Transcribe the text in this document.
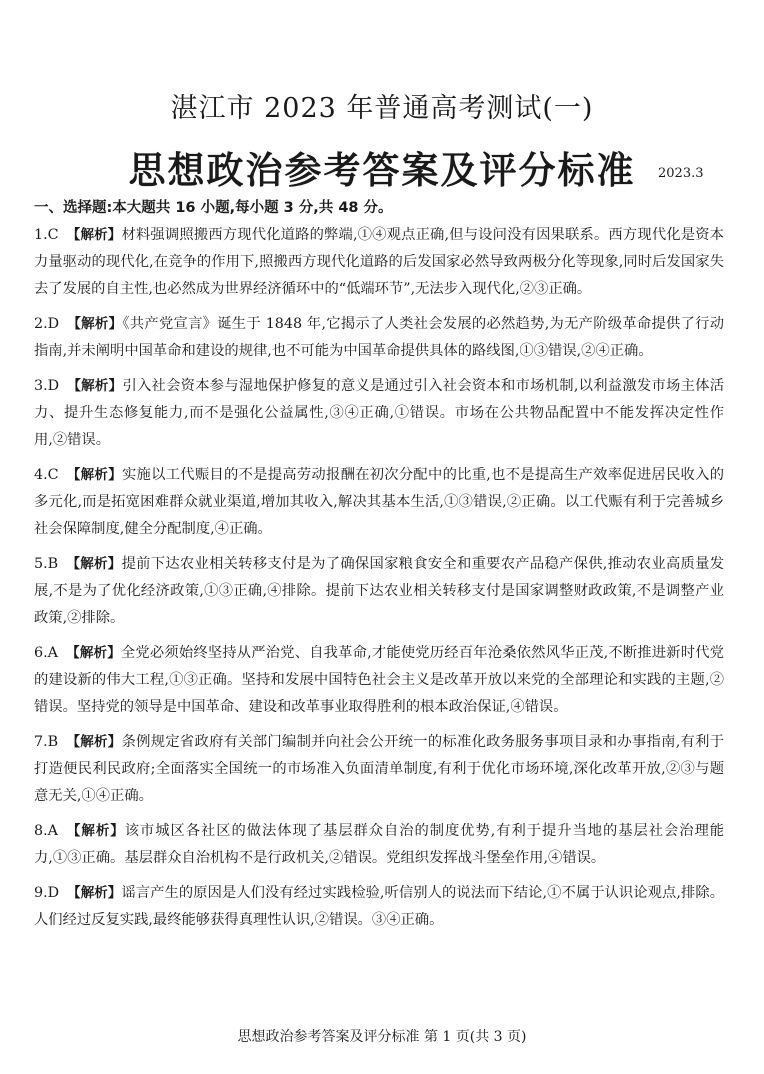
湛江市 2023 年普通高考测试(一)
思想政治参考答案及评分标准	2023.3
一、选择题:本大题共 16 小题,每小题 3 分,共 48 分。
1.C 【解析】材料强调照搬西方现代化道路的弊端,①④观点正确,但与设问没有因果联系。西方现代化是资本力量驱动的现代化,在竞争的作用下,照搬西方现代化道路的后发国家必然导致两极分化等现象,同时后发国家失去了发展的自主性,也必然成为世界经济循环中的“低端环节”,无法步入现代化,②③正确。
2.D 【解析】《共产党宣言》诞生于 1848 年,它揭示了人类社会发展的必然趋势,为无产阶级革命提供了行动指南,并未阐明中国革命和建设的规律,也不可能为中国革命提供具体的路线图,①③错误,②④正确。
3.D 【解析】引入社会资本参与湿地保护修复的意义是通过引入社会资本和市场机制,以利益激发市场主体活力、提升生态修复能力,而不是强化公益属性,③④正确,①错误。市场在公共物品配置中不能发挥决定性作用,②错误。
4.C 【解析】实施以工代赈目的不是提高劳动报酬在初次分配中的比重,也不是提高生产效率促进居民收入的多元化,而是拓宽困难群众就业渠道,增加其收入,解决其基本生活,①③错误,②正确。以工代赈有利于完善城乡社会保障制度,健全分配制度,④正确。
5.B 【解析】提前下达农业相关转移支付是为了确保国家粮食安全和重要农产品稳产保供,推动农业高质量发展,不是为了优化经济政策,①③正确,④排除。提前下达农业相关转移支付是国家调整财政政策,不是调整产业政策,②排除。
6.A 【解析】全党必须始终坚持从严治党、自我革命,才能使党历经百年沧桑依然风华正茂,不断推进新时代党的建设新的伟大工程,①③正确。坚持和发展中国特色社会主义是改革开放以来党的全部理论和实践的主题,②错误。坚持党的领导是中国革命、建设和改革事业取得胜利的根本政治保证,④错误。
7.B 【解析】条例规定省政府有关部门编制并向社会公开统一的标准化政务服务事项目录和办事指南,有利于打造便民利民政府;全面落实全国统一的市场准入负面清单制度,有利于优化市场环境,深化改革开放,②③与题意无关,①④正确。
8.A 【解析】该市城区各社区的做法体现了基层群众自治的制度优势,有利于提升当地的基层社会治理能力,①③正确。基层群众自治机构不是行政机关,②错误。党组织发挥战斗堡垒作用,④错误。
9.D 【解析】谣言产生的原因是人们没有经过实践检验,听信别人的说法而下结论,①不属于认识论观点,排除。人们经过反复实践,最终能够获得真理性认识,②错误。③④正确。
思想政治参考答案及评分标准 第 1 页(共 3 页)
